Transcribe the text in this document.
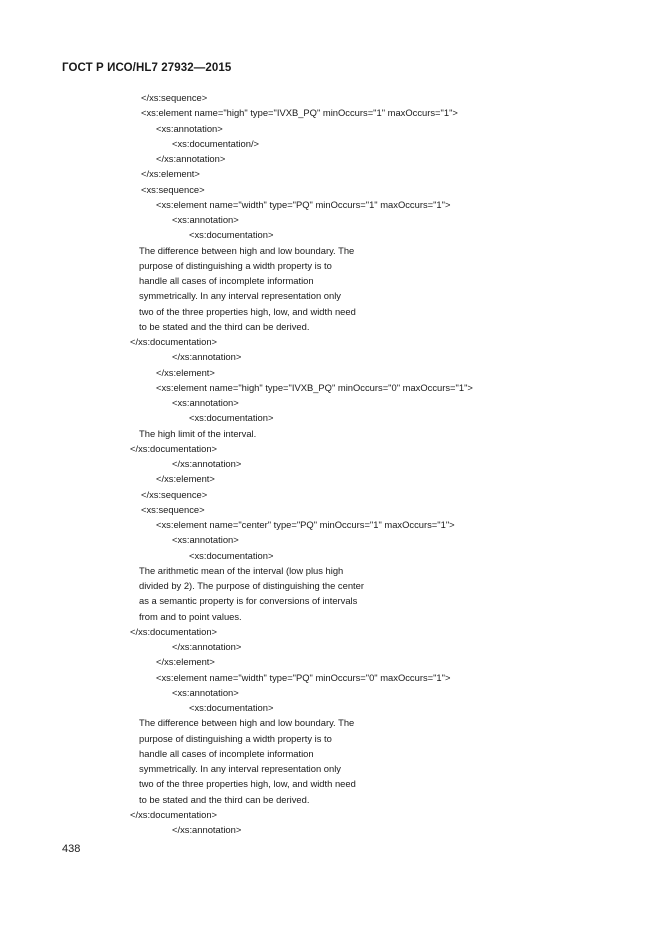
ГОСТ Р ИСО/HL7 27932—2015
</xs:sequence>
<xs:element name="high" type="IVXB_PQ" minOccurs="1" maxOccurs="1">
<xs:annotation>
<xs:documentation/>
</xs:annotation>
</xs:element>
<xs:sequence>
<xs:element name="width" type="PQ" minOccurs="1" maxOccurs="1">
<xs:annotation>
<xs:documentation>
The difference between high and low boundary. The
purpose of distinguishing a width property is to
handle all cases of incomplete information
symmetrically. In any interval representation only
two of the three properties high, low, and width need
to be stated and the third can be derived.
</xs:documentation>
</xs:annotation>
</xs:element>
<xs:element name="high" type="IVXB_PQ" minOccurs="0" maxOccurs="1">
<xs:annotation>
<xs:documentation>
The high limit of the interval.
</xs:documentation>
</xs:annotation>
</xs:element>
</xs:sequence>
<xs:sequence>
<xs:element name="center" type="PQ" minOccurs="1" maxOccurs="1">
<xs:annotation>
<xs:documentation>
The arithmetic mean of the interval (low plus high
divided by 2). The purpose of distinguishing the center
as a semantic property is for conversions of intervals
from and to point values.
</xs:documentation>
</xs:annotation>
</xs:element>
<xs:element name="width" type="PQ" minOccurs="0" maxOccurs="1">
<xs:annotation>
<xs:documentation>
The difference between high and low boundary. The
purpose of distinguishing a width property is to
handle all cases of incomplete information
symmetrically. In any interval representation only
two of the three properties high, low, and width need
to be stated and the third can be derived.
</xs:documentation>
</xs:annotation>
438
